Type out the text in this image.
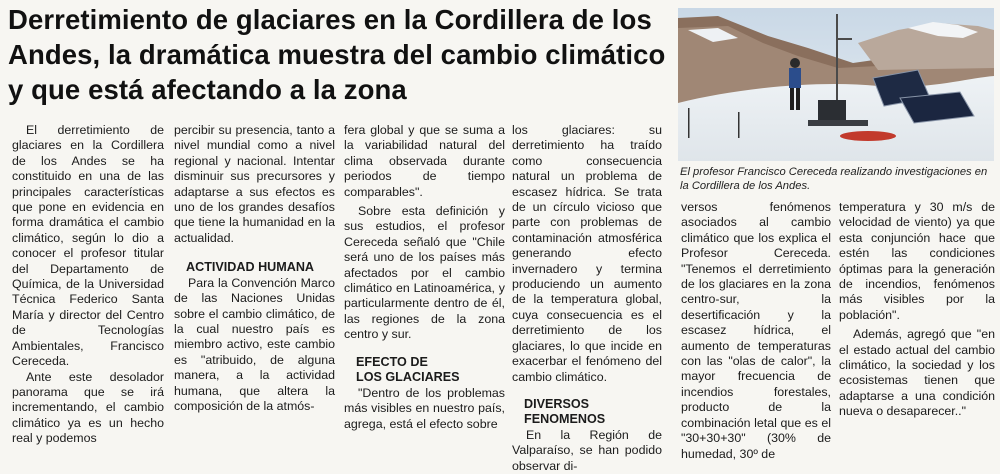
Derretimiento de glaciares en la Cordillera de los Andes, la dramática muestra del cambio climático y que está afectando a la zona

El profesor Francisco Cereceda realizando investigaciones en la Cordillera de los Andes.

El derretimiento de glaciares en la Cordillera de los Andes se ha constituido en una de las principales características que pone en evidencia en forma dramática el cambio climático, según lo dio a conocer el profesor titular del Departamento de Química, de la Universidad Técnica Federico Santa María y director del Centro de Tecnologías Ambientales, Francisco Cereceda.

Ante este desolador panorama que se irá incrementando, el cambio climático ya es un hecho real y podemos

percibir su presencia, tanto a nivel mundial como a nivel regional y nacional. Intentar disminuir sus precursores y adaptarse a sus efectos es uno de los grandes desafíos que tiene la humanidad en la actualidad.

ACTIVIDAD HUMANA

Para la Convención Marco de las Naciones Unidas sobre el cambio climático, de la cual nuestro país es miembro activo, este cambio es "atribuido, de alguna manera, a la actividad humana, que altera la composición de la atmós-

fera global y que se suma a la variabilidad natural del clima observada durante periodos de tiempo comparables".

Sobre esta definición y sus estudios, el profesor Cereceda señaló que "Chile será uno de los países más afectados por el cambio climático en Latinoamérica, y particularmente dentro de él, las regiones de la zona centro y sur.

EFECTO DE

LOS GLACIARES

"Dentro de los problemas más visibles en nuestro país, agrega, está el efecto sobre

los glaciares: su derretimiento ha traído como consecuencia natural un problema de escasez hídrica. Se trata de un círculo vicioso que parte con problemas de contaminación atmosférica generando efecto invernadero y termina produciendo un aumento de la temperatura global, cuya consecuencia es el derretimiento de los glaciares, lo que incide en exacerbar el fenómeno del cambio climático.

DIVERSOS FENOMENOS

En la Región de Valparaíso, se han podido observar di-

versos fenómenos asociados al cambio climático que los explica el Profesor Cereceda. "Tenemos el derretimiento de los glaciares en la zona centro-sur, la desertificación y la escasez hídrica, el aumento de temperaturas con las "olas de calor", la mayor frecuencia de incendios forestales, producto de la combinación letal que es el "30+30+30" (30% de humedad, 30º de

temperatura y 30 m/s de velocidad de viento) ya que esta conjunción hace que estén las condiciones óptimas para la generación de incendios, fenómenos más visibles por la población".

Además, agregó que "en el estado actual del cambio climático, la sociedad y los ecosistemas tienen que adaptarse a una condición nueva o desaparecer.."
